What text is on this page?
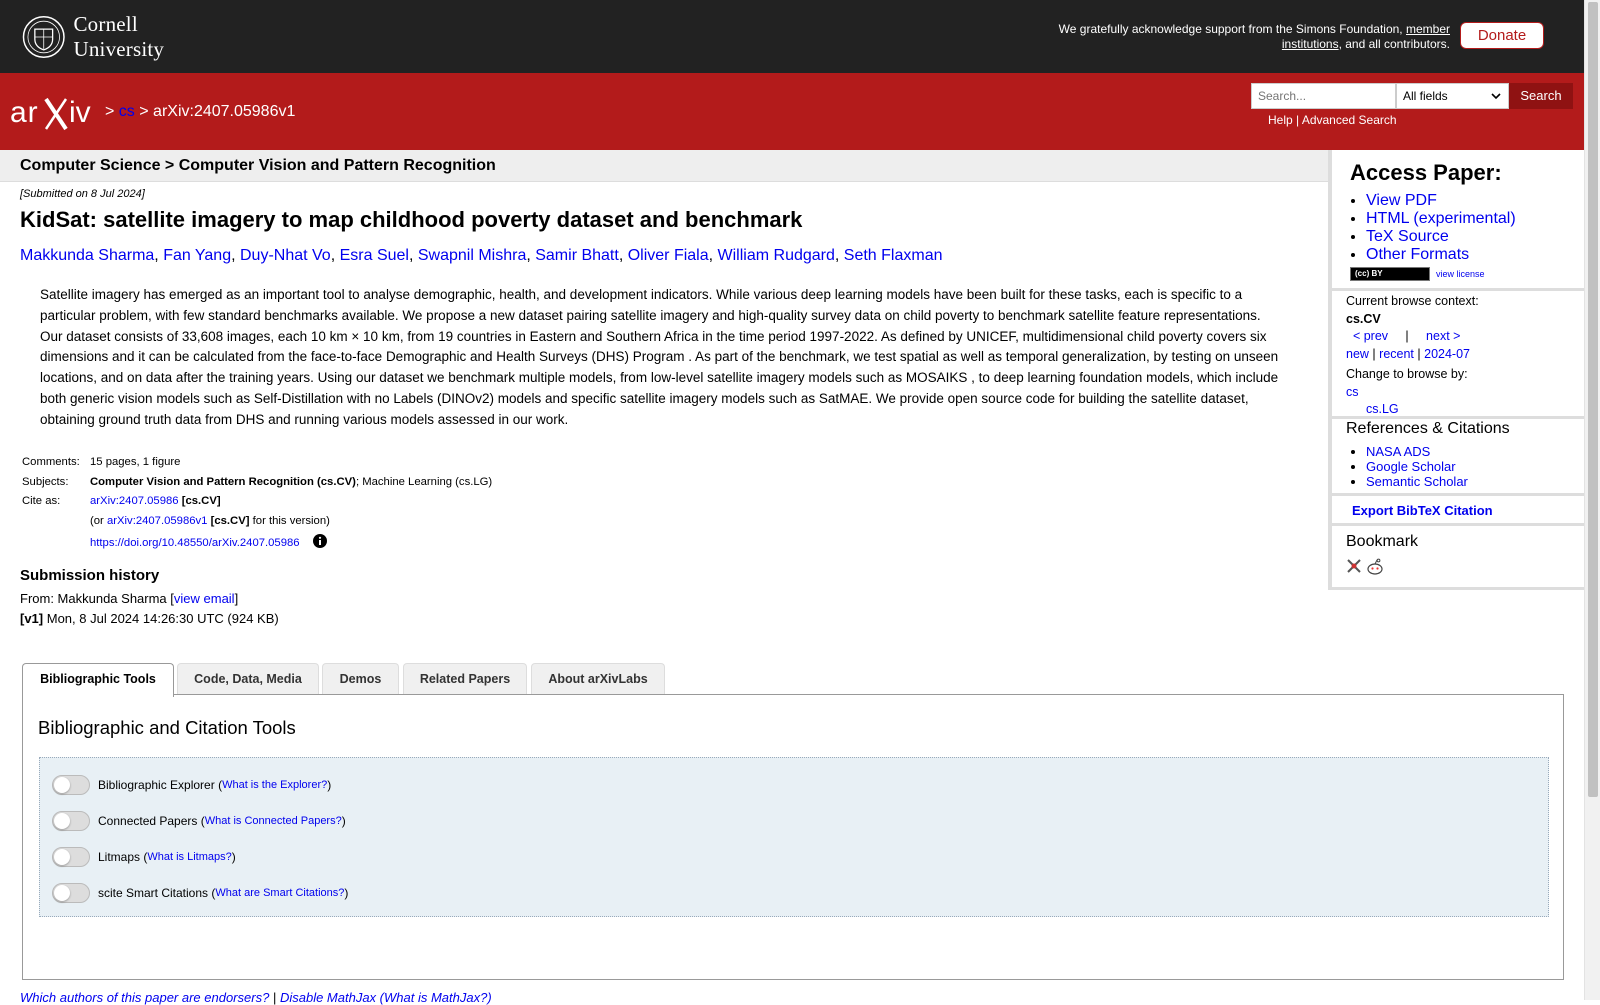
Cornell University
We gratefully acknowledge support from the Simons Foundation, member institutions, and all contributors.	Donate
ar iv > cs > arXiv:2407.05986v1
Search...
All fields	Search
Help | Advanced Search
Computer Science > Computer Vision and Pattern Recognition
[Submitted on 8 Jul 2024]
KidSat: satellite imagery to map childhood poverty dataset and benchmark
Makkunda Sharma, Fan Yang, Duy-Nhat Vo, Esra Suel, Swapnil Mishra, Samir Bhatt, Oliver Fiala, William Rudgard, Seth Flaxman

Satellite imagery has emerged as an important tool to analyse demographic, health, and development indicators. While various deep learning models have been built for these tasks, each is specific to a particular problem, with few standard benchmarks available. We propose a new dataset pairing satellite imagery and high-quality survey data on child poverty to benchmark satellite feature representations. Our dataset consists of 33,608 images, each 10 km × 10 km, from 19 countries in Eastern and Southern Africa in the time period 1997-2022. As defined by UNICEF, multidimensional child poverty covers six dimensions and it can be calculated from the face-to-face Demographic and Health Surveys (DHS) Program . As part of the benchmark, we test spatial as well as temporal generalization, by testing on unseen locations, and on data after the training years. Using our dataset we benchmark multiple models, from low-level satellite imagery models such as MOSAIKS , to deep learning foundation models, which include both generic vision models such as Self-Distillation with no Labels (DINOv2) models and specific satellite imagery models such as SatMAE. We provide open source code for building the satellite dataset, obtaining ground truth data from DHS and running various models assessed in our work.

Comments:	15 pages, 1 figure
Subjects:	Computer Vision and Pattern Recognition (cs.CV); Machine Learning (cs.LG)
Cite as:	arXiv:2407.05986 [cs.CV]
	(or arXiv:2407.05986v1 [cs.CV] for this version)
	https://doi.org/10.48550/arXiv.2407.05986
Submission history
From: Makkunda Sharma [view email]
[v1] Mon, 8 Jul 2024 14:26:30 UTC (924 KB)
Access Paper:
• View PDF
• HTML (experimental)
• TeX Source
• Other Formats
(cc) BY	view license
Current browse context:
cs.CV
< prev | next >
new | recent | 2024-07
Change to browse by:
cs
cs.LG
References & Citations
• NASA ADS
• Google Scholar
• Semantic Scholar
Export BibTeX Citation
Bookmark
Bibliographic Tools	Code, Data, Media	Demos	Related Papers	About arXivLabs
Bibliographic and Citation Tools
Bibliographic Explorer ( What is the Explorer? )
Connected Papers ( What is Connected Papers? )
Litmaps ( What is Litmaps? )
scite Smart Citations ( What are Smart Citations? )
Which authors of this paper are endorsers? | Disable MathJax (What is MathJax?)
